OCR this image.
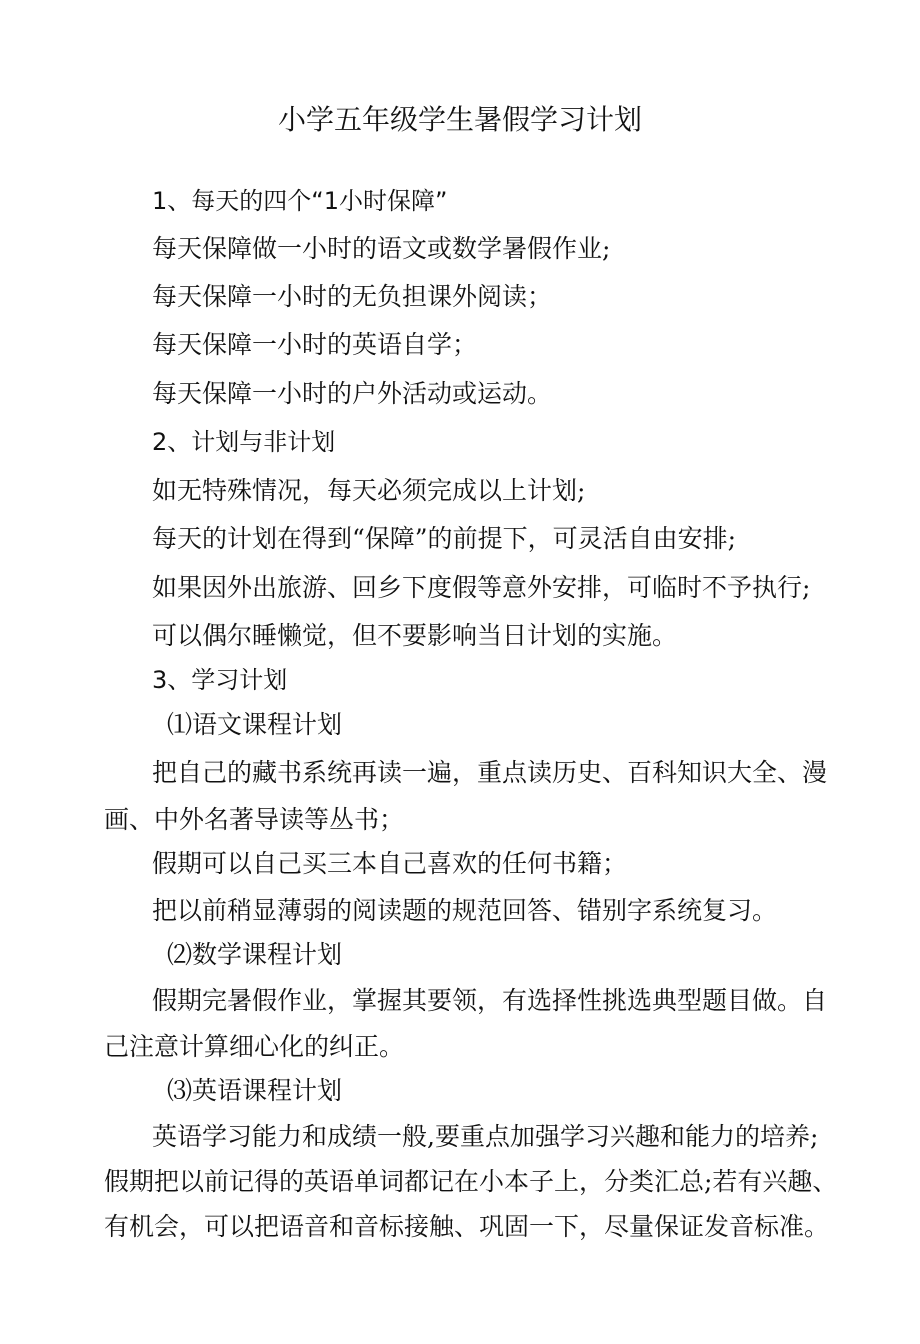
小学五年级学生暑假学习计划
1、每天的四个“1小时保障”
每天保障做一小时的语文或数学暑假作业;
每天保障一小时的无负担课外阅读；
每天保障一小时的英语自学；
每天保障一小时的户外活动或运动。
2、计划与非计划
如无特殊情况，每天必须完成以上计划;
每天的计划在得到“保障”的前提下，可灵活自由安排;
如果因外出旅游、回乡下度假等意外安排，可临时不予执行;
可以偶尔睡懒觉，但不要影响当日计划的实施。
3、学习计划
⑴语文课程计划
把自己的藏书系统再读一遍，重点读历史、百科知识大全、漫
画、中外名著导读等丛书；
假期可以自己买三本自己喜欢的任何书籍；
把以前稍显薄弱的阅读题的规范回答、错别字系统复习。
⑵数学课程计划
假期完暑假作业，掌握其要领，有选择性挑选典型题目做。自
己注意计算细心化的纠正。
⑶英语课程计划
英语学习能力和成绩一般,要重点加强学习兴趣和能力的培养;
假期把以前记得的英语单词都记在小本子上，分类汇总;若有兴趣、
有机会，可以把语音和音标接触、巩固一下，尽量保证发音标准。
